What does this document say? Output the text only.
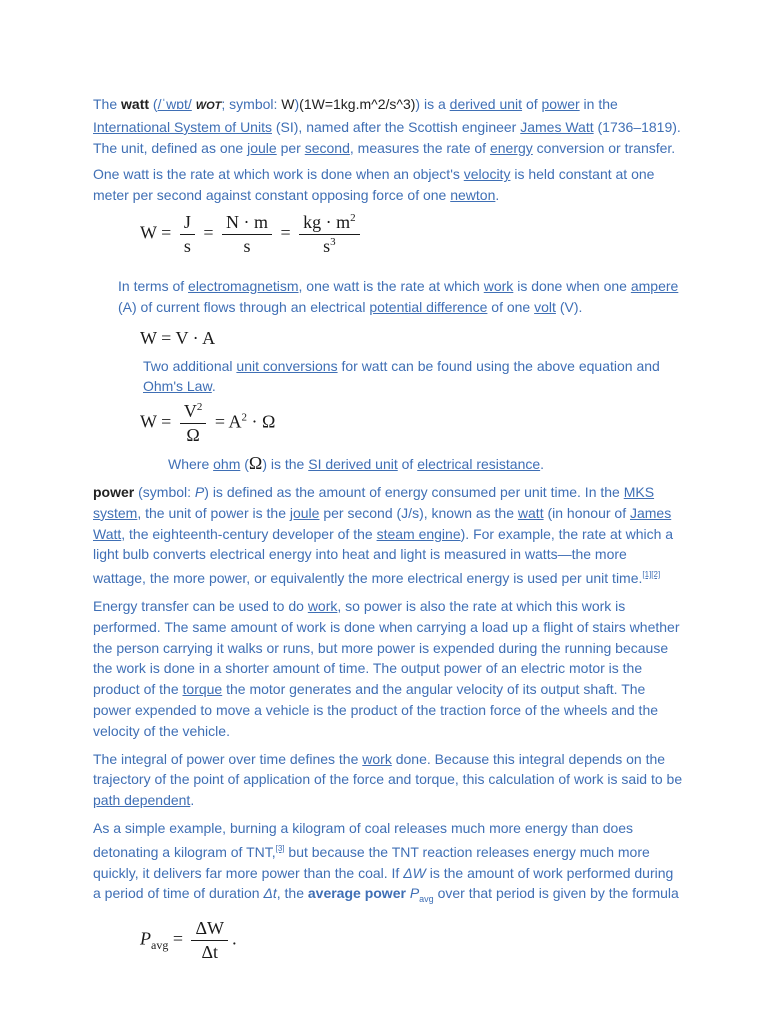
The watt (/ˈwɒt/ WOT; symbol: W)(1W=1kg.m^2/s^3)) is a derived unit of power in the International System of Units (SI), named after the Scottish engineer James Watt (1736–1819). The unit, defined as one joule per second, measures the rate of energy conversion or transfer.

One watt is the rate at which work is done when an object's velocity is held constant at one meter per second against constant opposing force of one newton.

$W = \frac{J}{s} = \frac{N \cdot m}{s} = \frac{kg \cdot m^2}{s^3}$

In terms of electromagnetism, one watt is the rate at which work is done when one ampere (A) of current flows through an electrical potential difference of one volt (V).

W = V · A

Two additional unit conversions for watt can be found using the above equation and Ohm's Law.

$W = \frac{V^2}{\Omega} = A^2 \cdot \Omega$

Where ohm (Ω) is the SI derived unit of electrical resistance.

power (symbol: P) is defined as the amount of energy consumed per unit time. In the MKS system, the unit of power is the joule per second (J/s), known as the watt (in honour of James Watt, the eighteenth-century developer of the steam engine). For example, the rate at which a light bulb converts electrical energy into heat and light is measured in watts—the more wattage, the more power, or equivalently the more electrical energy is used per unit time.[1][2]

Energy transfer can be used to do work, so power is also the rate at which this work is performed. The same amount of work is done when carrying a load up a flight of stairs whether the person carrying it walks or runs, but more power is expended during the running because the work is done in a shorter amount of time. The output power of an electric motor is the product of the torque the motor generates and the angular velocity of its output shaft. The power expended to move a vehicle is the product of the traction force of the wheels and the velocity of the vehicle.

The integral of power over time defines the work done. Because this integral depends on the trajectory of the point of application of the force and torque, this calculation of work is said to be path dependent.

As a simple example, burning a kilogram of coal releases much more energy than does detonating a kilogram of TNT,[3] but because the TNT reaction releases energy much more quickly, it delivers far more power than the coal. If ΔW is the amount of work performed during a period of time of duration Δt, the average power $P_{avg}$ over that period is given by the formula

$P_{avg} = \frac{\Delta W}{\Delta t}$ .
